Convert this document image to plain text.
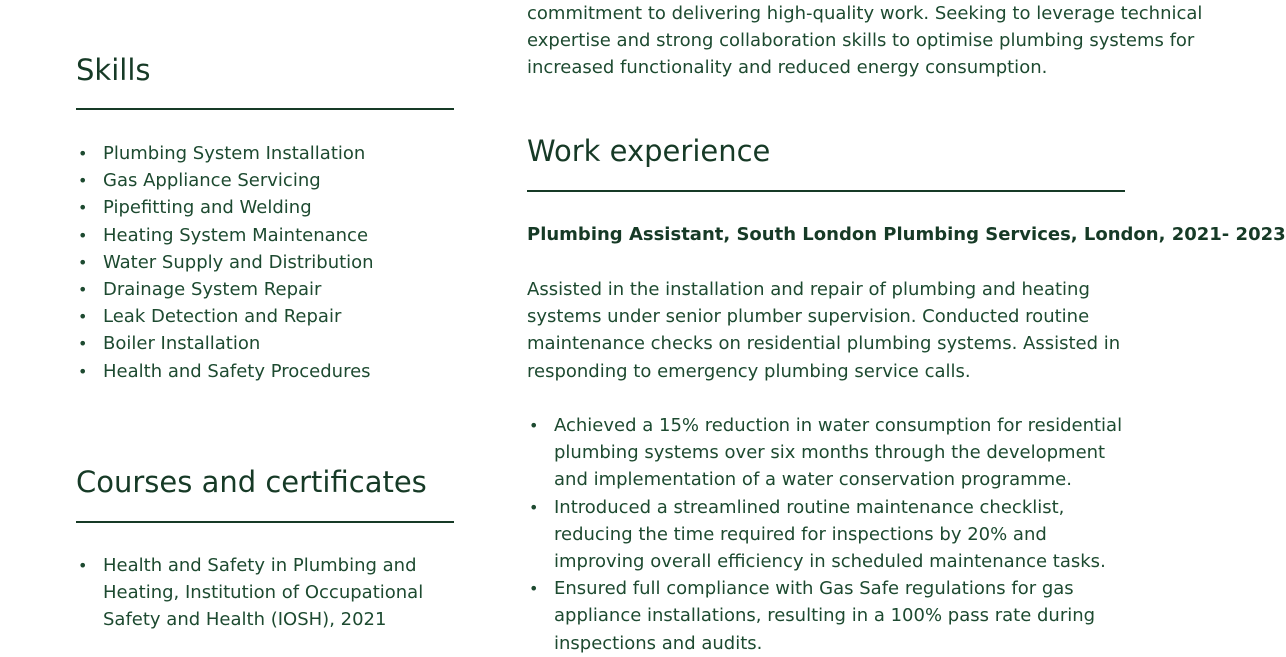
Skills
• Plumbing System Installation
• Gas Appliance Servicing
• Pipefitting and Welding
• Heating System Maintenance
• Water Supply and Distribution
• Drainage System Repair
• Leak Detection and Repair
• Boiler Installation
• Health and Safety Procedures
Courses and certificates
• Health and Safety in Plumbing and Heating, Institution of Occupational Safety and Health (IOSH), 2021
commitment to delivering high-quality work. Seeking to leverage technical
expertise and strong collaboration skills to optimise plumbing systems for
increased functionality and reduced energy consumption.
Work experience
Plumbing Assistant, South London Plumbing Services, London, 2021- 2023

Assisted in the installation and repair of plumbing and heating systems under senior plumber supervision. Conducted routine maintenance checks on residential plumbing systems. Assisted in responding to emergency plumbing service calls.

• Achieved a 15% reduction in water consumption for residential plumbing systems over six months through the development and implementation of a water conservation programme.
• Introduced a streamlined routine maintenance checklist, reducing the time required for inspections by 20% and improving overall efficiency in scheduled maintenance tasks.
• Ensured full compliance with Gas Safe regulations for gas appliance installations, resulting in a 100% pass rate during inspections and audits.
